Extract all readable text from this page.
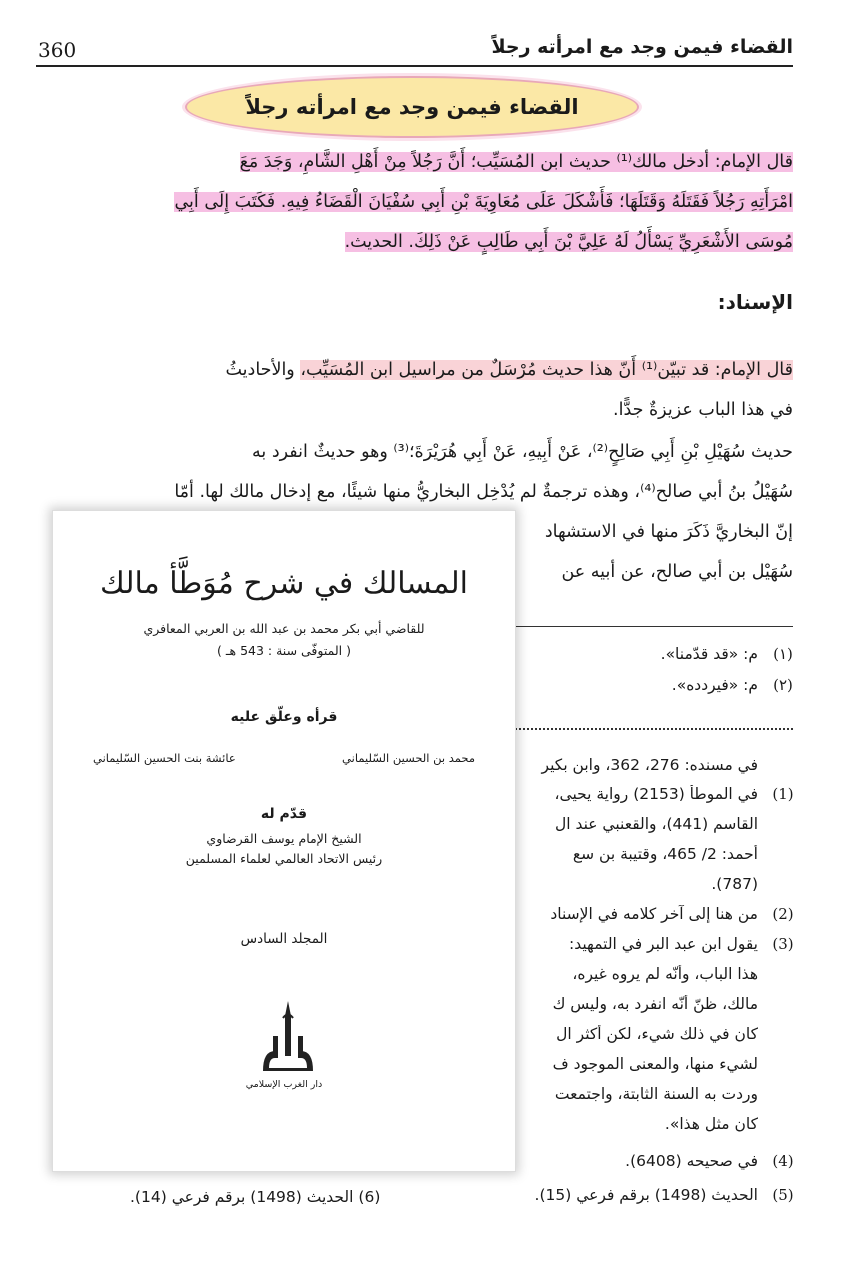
القضاء فيمن وجد مع امرأته رجلاً
360
القضاء فيمن وجد مع امرأته رجلاً
قال الإمام: أدخل مالك⁽¹⁾ حديث ابن المُسَيِّب؛ أَنَّ رَجُلاً مِنْ أَهْلِ الشَّامِ، وَجَدَ مَعَ
امْرَأَتِهِ رَجُلاً فَقَتَلَهُ وَقَتَلَهَا؛ فَأَشْكَلَ عَلَى مُعَاوِيَةَ بْنِ أَبِي سُفْيَانَ الْقَضَاءُ فِيهِ. فَكَتَبَ إِلَى أَبِي
مُوسَى الأَشْعَرِيِّ يَسْأَلُ لَهُ عَلِيَّ بْنَ أَبِي طَالِبٍ عَنْ ذَلِكَ. الحديث.
الإسناد:
قال الإمام: قد تبيّن⁽¹⁾ أَنّ هذا حديث مُرْسَلٌ من مراسيل ابن المُسَيِّب، والأحاديثُ
في هذا الباب عزيزةٌ جدًّا.
حديث سُهَيْلِ بْنِ أَبِي صَالِحٍ⁽²⁾، عَنْ أَبِيهِ، عَنْ أَبِي هُرَيْرَةَ؛⁽³⁾ وهو حديثٌ انفرد به
سُهَيْلُ بنُ أبي صالح⁽⁴⁾، وهذه ترجمةٌ لم يُدْخِل البخاريُّ منها شيئًا، مع إدخال مالك لها. أمّا
إنّ البخاريَّ ذَكَرَ منها في الاستشهاد
سُهَيْل بن أبي صالح، عن أبيه عن
(١)
م: «قد قدّمنا».
(٢)
م: «فيردده».
في مسنده: 276، 362، وابن بكير
(1)
في الموطأ (2153) رواية يحيى،
القاسم (441)، والقعنبي عند ال
أحمد: 2/ 465، وقتيبة بن سع
(787).
(2)
من هنا إلى آخر كلامه في الإسناد
(3)
يقول ابن عبد البر في التمهيد:
هذا الباب، وأنّه لم يروه غيره،
مالك، ظنّ أنّه انفرد به، وليس ك
كان في ذلك شيء، لكن أكثر ال
لشيء منها، والمعنى الموجود ف
وردت به السنة الثابتة، واجتمعت
كان مثل هذا».
(4)
في صحيحه (6408).
(5)
الحديث (1498) برقم فرعي (15).
(6) الحديث (1498) برقم فرعي (14).
المسالك في شرح مُوَطَّأ مالك
للقاضي أبي بكر محمد بن عبد الله بن العربي المعافري
( المتوفّى سنة : 543 هـ )
قرأه وعلّق عليه
محمد بن الحسين السّليماني
عائشة بنت الحسين السّليماني
قدّم له
الشيخ الإمام يوسف القرضاوي
رئيس الاتحاد العالمي لعلماء المسلمين
المجلد السادس
دار الغرب الإسلامي
